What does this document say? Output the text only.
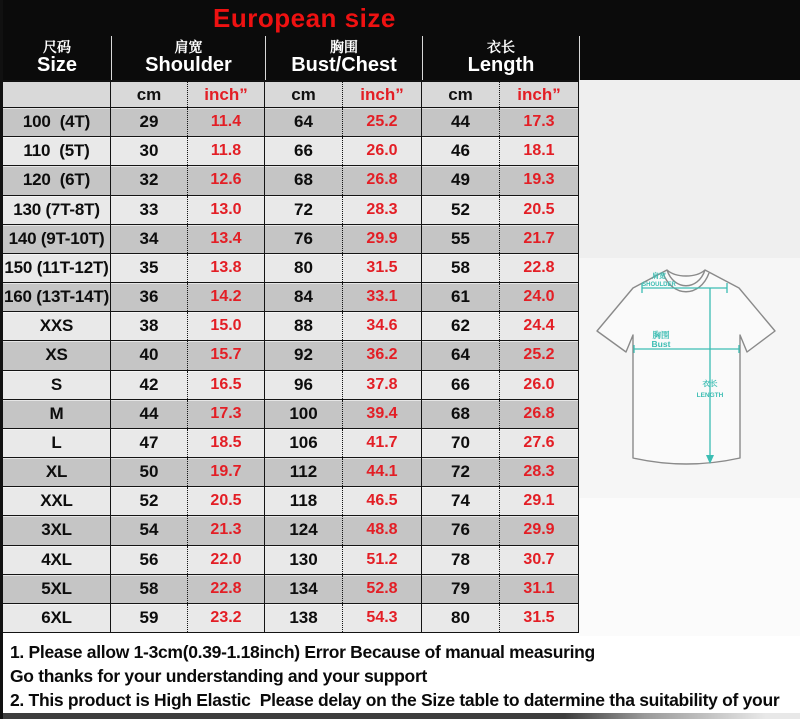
European size
尺码
Size
肩宽
Shoulder
胸围
Bust/Chest
衣长
Length
cm	inch”	cm	inch”	cm	inch”
100  (4T)	29	11.4	64	25.2	44	17.3
110  (5T)	30	11.8	66	26.0	46	18.1
120  (6T)	32	12.6	68	26.8	49	19.3
130 (7T-8T)	33	13.0	72	28.3	52	20.5
140 (9T-10T)	34	13.4	76	29.9	55	21.7
150 (11T-12T)	35	13.8	80	31.5	58	22.8
160 (13T-14T)	36	14.2	84	33.1	61	24.0
XXS	38	15.0	88	34.6	62	24.4
XS	40	15.7	92	36.2	64	25.2
S	42	16.5	96	37.8	66	26.0
M	44	17.3	100	39.4	68	26.8
L	47	18.5	106	41.7	70	27.6
XL	50	19.7	112	44.1	72	28.3
XXL	52	20.5	118	46.5	74	29.1
3XL	54	21.3	124	48.8	76	29.9
4XL	56	22.0	130	51.2	78	30.7
5XL	58	22.8	134	52.8	79	31.1
6XL	59	23.2	138	54.3	80	31.5
肩宽
SHOULDER
胸围
Bust
衣长
LENGTH
1. Please allow 1-3cm(0.39-1.18inch) Error Because of manual measuring
Go thanks for your understanding and your support
2. This product is High Elastic  Please delay on the Size table to datermine tha suitability of your
